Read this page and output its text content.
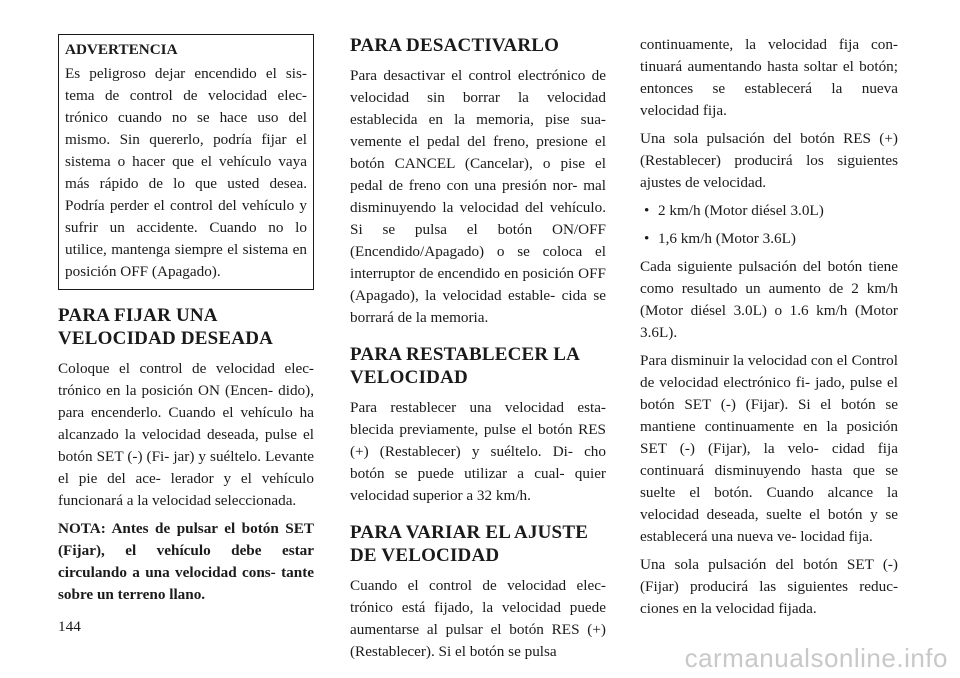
ADVERTENCIA

Es peligroso dejar encendido el sis- tema de control de velocidad elec- trónico cuando no se hace uso del mismo. Sin quererlo, podría fijar el sistema o hacer que el vehículo vaya más rápido de lo que usted desea. Podría perder el control del vehículo y sufrir un accidente. Cuando no lo utilice, mantenga siempre el sistema en posición OFF (Apagado).

PARA FIJAR UNA
VELOCIDAD DESEADA

Coloque el control de velocidad elec- trónico en la posición ON (Encen- dido), para encenderlo. Cuando el vehículo ha alcanzado la velocidad deseada, pulse el botón SET (-) (Fi- jar) y suéltelo. Levante el pie del ace- lerador y el vehículo funcionará a la velocidad seleccionada.

NOTA: Antes de pulsar el botón SET (Fijar), el vehículo debe estar circulando a una velocidad cons- tante sobre un terreno llano.

PARA DESACTIVARLO

Para desactivar el control electrónico de velocidad sin borrar la velocidad establecida en la memoria, pise sua- vemente el pedal del freno, presione el botón CANCEL (Cancelar), o pise el pedal de freno con una presión nor- mal disminuyendo la velocidad del vehículo. Si se pulsa el botón ON/OFF (Encendido/Apagado) o se coloca el interruptor de encendido en posición OFF (Apagado), la velocidad estable- cida se borrará de la memoria.

PARA RESTABLECER LA
VELOCIDAD

Para restablecer una velocidad esta- blecida previamente, pulse el botón RES (+) (Restablecer) y suéltelo. Di- cho botón se puede utilizar a cual- quier velocidad superior a 32 km/h.

PARA VARIAR EL AJUSTE
DE VELOCIDAD

Cuando el control de velocidad elec- trónico está fijado, la velocidad puede aumentarse al pulsar el botón RES (+) (Restablecer). Si el botón se pulsa

continuamente, la velocidad fija con- tinuará aumentando hasta soltar el botón; entonces se establecerá la nueva velocidad fija.

Una sola pulsación del botón RES (+) (Restablecer) producirá los siguientes ajustes de velocidad.

• 2 km/h (Motor diésel 3.0L)
• 1,6 km/h (Motor 3.6L)

Cada siguiente pulsación del botón tiene como resultado un aumento de 2 km/h (Motor diésel 3.0L) o 1.6 km/h (Motor 3.6L).

Para disminuir la velocidad con el Control de velocidad electrónico fi- jado, pulse el botón SET (-) (Fijar). Si el botón se mantiene continuamente en la posición SET (-) (Fijar), la velo- cidad fija continuará disminuyendo hasta que se suelte el botón. Cuando alcance la velocidad deseada, suelte el botón y se establecerá una nueva ve- locidad fija.

Una sola pulsación del botón SET (-) (Fijar) producirá las siguientes reduc- ciones en la velocidad fijada.

144
carmanualsonline.info
